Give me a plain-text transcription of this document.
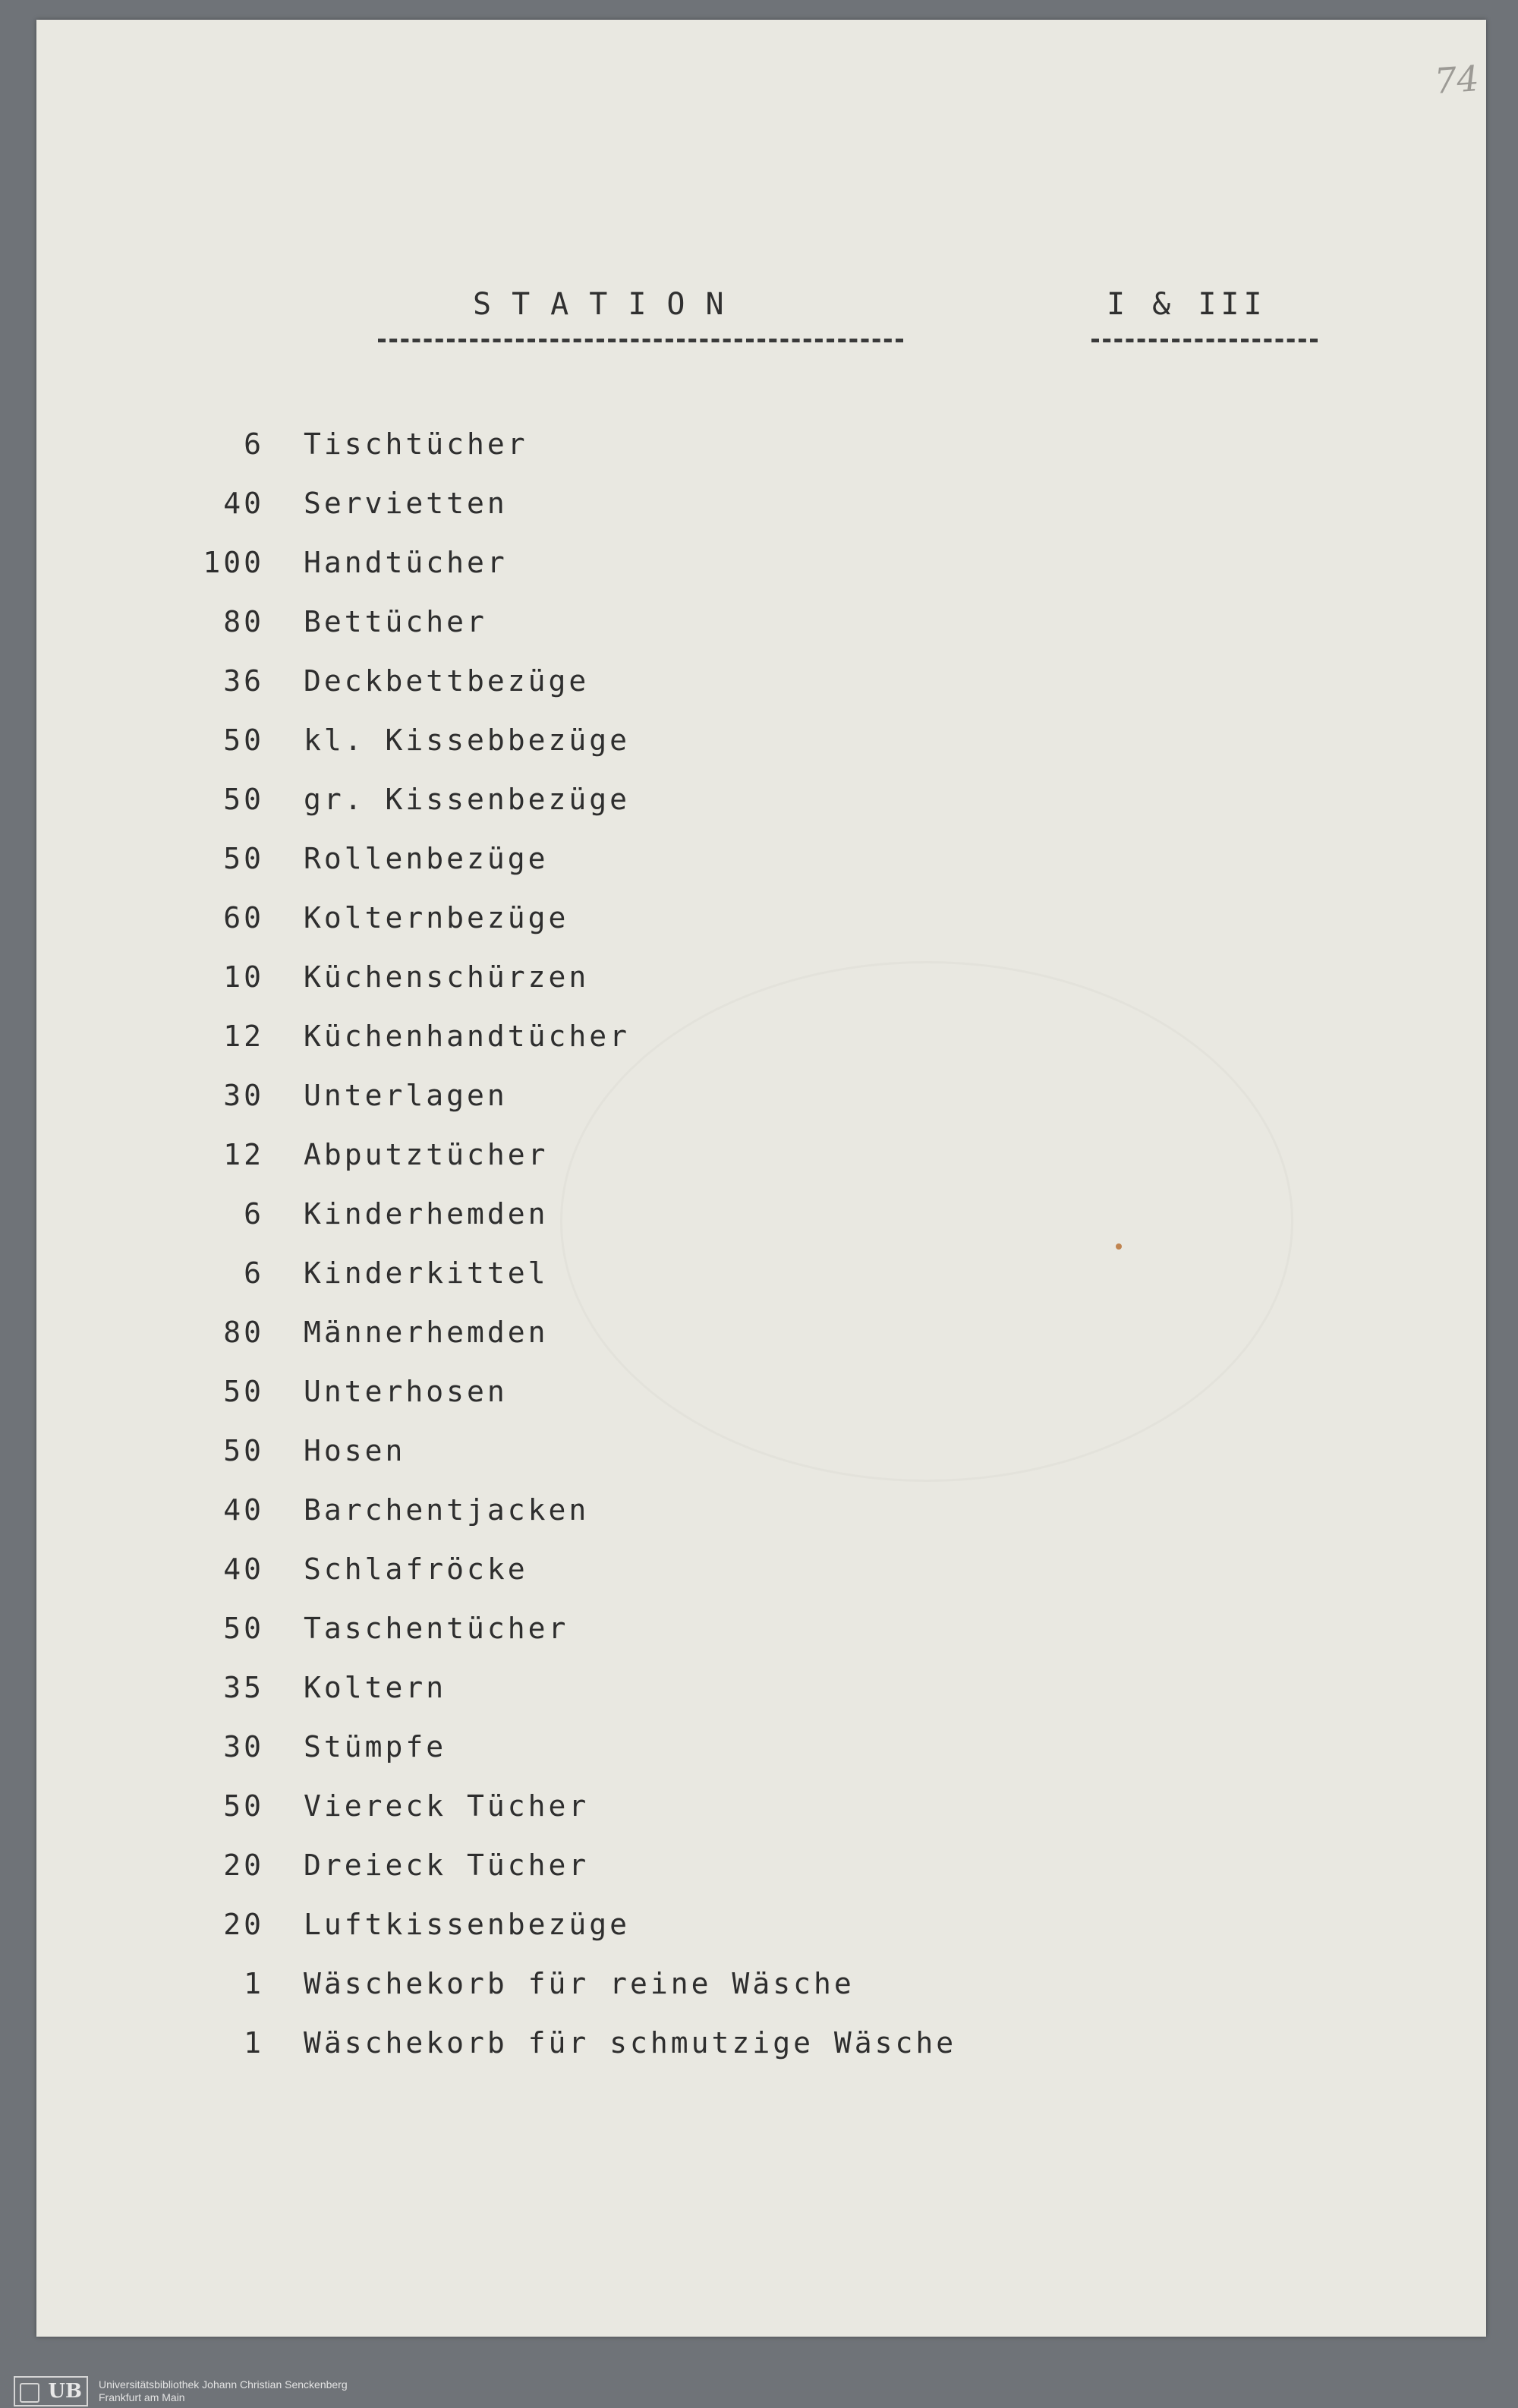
74
STATION	I & III
6 Tischtücher
40 Servietten
100 Handtücher
80 Bettücher
36 Deckbettbezüge
50 kl. Kissebbezüge
50 gr. Kissenbezüge
50 Rollenbezüge
60 Kolternbezüge
10 Küchenschürzen
12 Küchenhandtücher
30 Unterlagen
12 Abputztücher
6 Kinderhemden
6 Kinderkittel
80 Männerhemden
50 Unterhosen
50 Hosen
40 Barchentjacken
40 Schlafröcke
50 Taschentücher
35 Koltern
30 Stümpfe
50 Viereck Tücher
20 Dreieck Tücher
20 Luftkissenbezüge
1 Wäschekorb für reine Wäsche
1 Wäschekorb für schmutzige Wäsche
UB	Universitätsbibliothek Johann Christian Senckenberg
Frankfurt am Main
